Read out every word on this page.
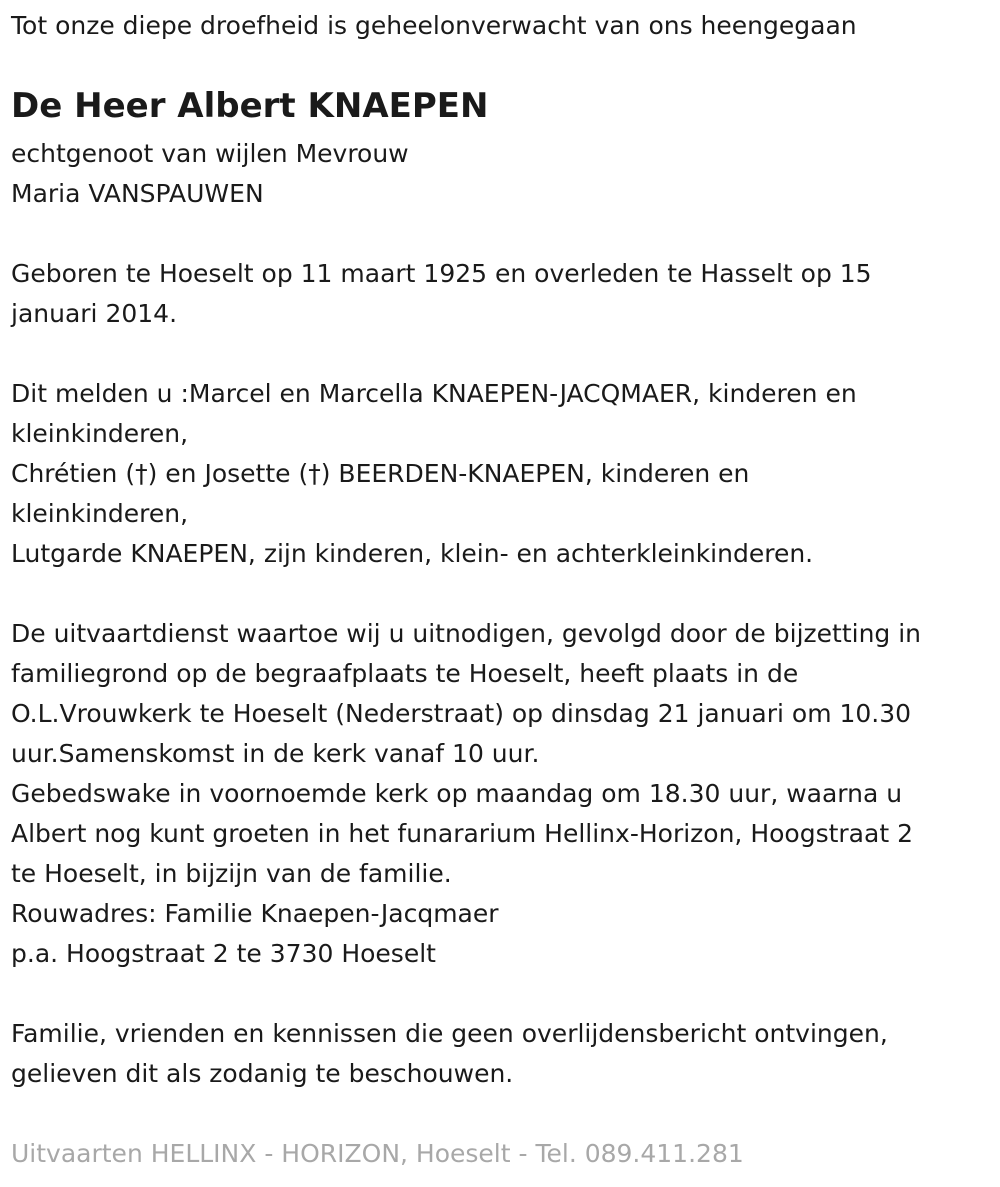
Tot onze diepe droefheid is geheelonverwacht van ons heengegaan
De Heer Albert KNAEPEN
echtgenoot van wijlen Mevrouw
Maria VANSPAUWEN
Geboren te Hoeselt op 11 maart 1925 en overleden te Hasselt op 15
januari 2014.
Dit melden u :Marcel en Marcella KNAEPEN-JACQMAER, kinderen en
kleinkinderen,
Chrétien (†) en Josette (†) BEERDEN-KNAEPEN, kinderen en
kleinkinderen,
Lutgarde KNAEPEN, zijn kinderen, klein- en achterkleinkinderen.
De uitvaartdienst waartoe wij u uitnodigen, gevolgd door de bijzetting in
familiegrond op de begraafplaats te Hoeselt, heeft plaats in de
O.L.Vrouwkerk te Hoeselt (Nederstraat) op dinsdag 21 januari om 10.30
uur.Samenskomst in de kerk vanaf 10 uur.
Gebedswake in voornoemde kerk op maandag om 18.30 uur, waarna u
Albert nog kunt groeten in het funararium Hellinx-Horizon, Hoogstraat 2
te Hoeselt, in bijzijn van de familie.
Rouwadres: Familie Knaepen-Jacqmaer
p.a. Hoogstraat 2 te 3730 Hoeselt
Familie, vrienden en kennissen die geen overlijdensbericht ontvingen,
gelieven dit als zodanig te beschouwen.
Uitvaarten HELLINX - HORIZON, Hoeselt - Tel. 089.411.281
